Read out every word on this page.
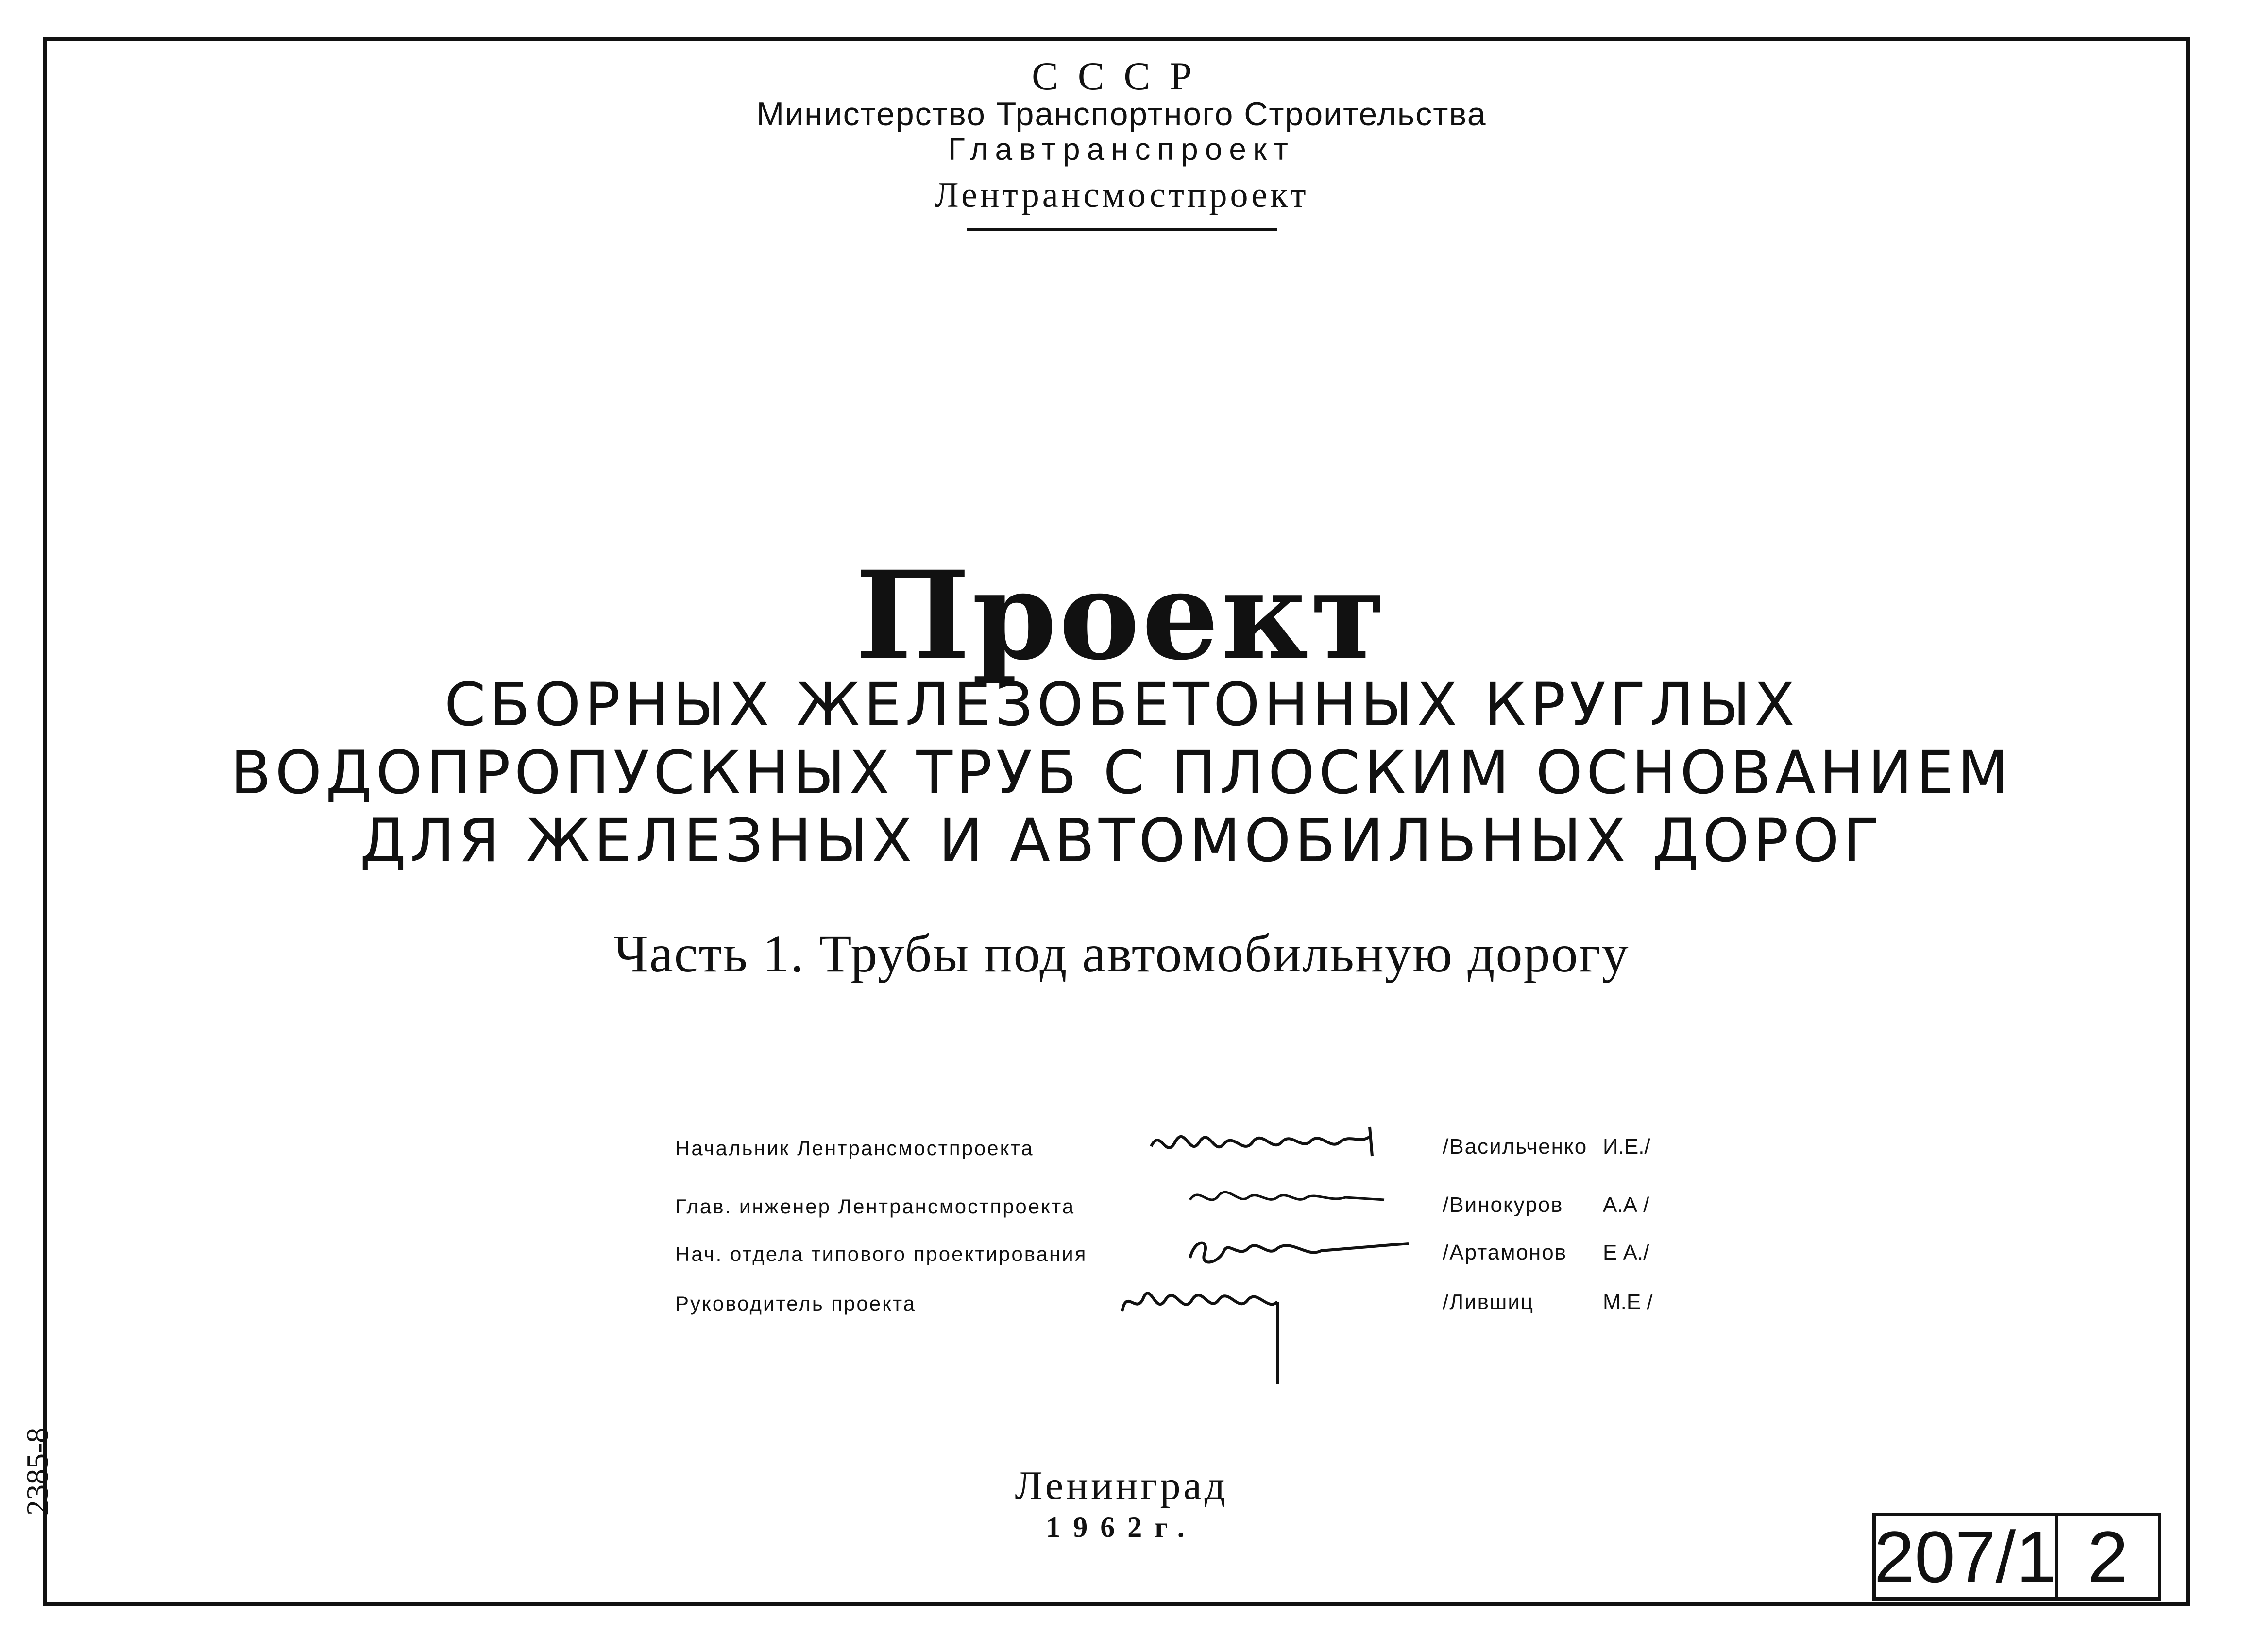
СССР
Министерство Транспортного Строительства
Главтранспроект
Лентрансмостпроект
Проект
СБОРНЫХ ЖЕЛЕЗОБЕТОННЫХ КРУГЛЫХ
ВОДОПРОПУСКНЫХ ТРУБ С ПЛОСКИМ ОСНОВАНИЕМ
ДЛЯ ЖЕЛЕЗНЫХ И АВТОМОБИЛЬНЫХ ДОРОГ
Часть 1. Трубы под автомобильную дорогу
Начальник Лентрансмостпроекта	/Васильченко И.Е./
Глав. инженер Лентрансмостпроекта	/Винокуров А.А /
Нач. отдела типового проектирования	/Артамонов Е А./
Руководитель проекта	/Лившиц	М.Е /
Ленинград
1962г.
2385-8
207/1 2
